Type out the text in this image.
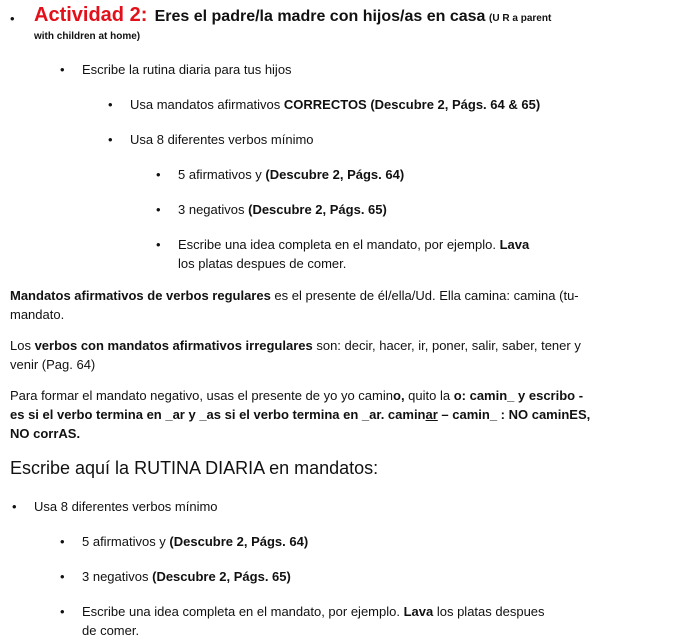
• Actividad 2: Eres el padre/la madre con hijos/as en casa (U R a parent
with children at home)
• Escribe la rutina diaria para tus hijos
• Usa mandatos afirmativos CORRECTOS (Descubre 2, Págs. 64 & 65)
• Usa 8 diferentes verbos mínimo
• 5 afirmativos y (Descubre 2, Págs. 64)
• 3 negativos (Descubre 2, Págs. 65)
• Escribe una idea completa en el mandato, por ejemplo. Lava
los platas despues de comer.
Mandatos afirmativos de verbos regulares es el presente de él/ella/Ud. Ella camina: camina (tu- mandato.
Los verbos con mandatos afirmativos irregulares son: decir, hacer, ir, poner, salir, saber, tener y venir (Pag. 64)
Para formar el mandato negativo, usas el presente de yo yo camino, quito la o: camin_ y escribo -es si el verbo termina en _ar y _as si el verbo termina en _ar. caminar – camin_ : NO caminES, NO corrAS.
Escribe aquí la RUTINA DIARIA en mandatos:
• Usa 8 diferentes verbos mínimo
• 5 afirmativos y (Descubre 2, Págs. 64)
• 3 negativos (Descubre 2, Págs. 65)
• Escribe una idea completa en el mandato, por ejemplo. Lava los platas despues de comer.
